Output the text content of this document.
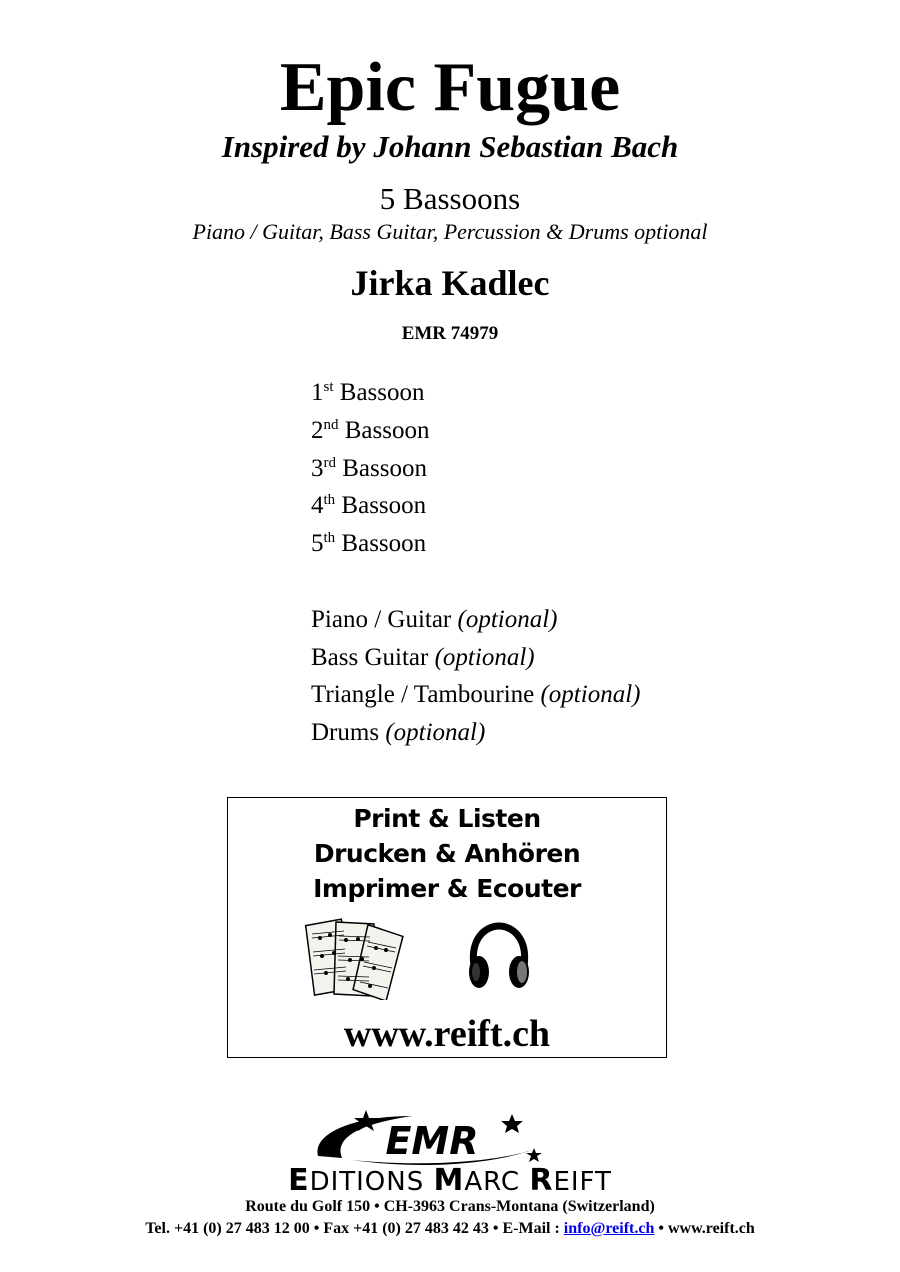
Epic Fugue
Inspired by Johann Sebastian Bach
5 Bassoons
Piano / Guitar, Bass Guitar, Percussion & Drums optional
Jirka Kadlec
EMR 74979
1st Bassoon
2nd Bassoon
3rd Bassoon
4th Bassoon
5th Bassoon
Piano / Guitar (optional)
Bass Guitar (optional)
Triangle / Tambourine (optional)
Drums (optional)
Print & Listen
Drucken & Anhören
Imprimer & Ecouter
www.reift.ch
EMR
EDITIONS MARC REIFT
Route du Golf 150 • CH-3963 Crans-Montana (Switzerland)
Tel. +41 (0) 27 483 12 00 • Fax +41 (0) 27 483 42 43 • E-Mail : info@reift.ch • www.reift.ch
